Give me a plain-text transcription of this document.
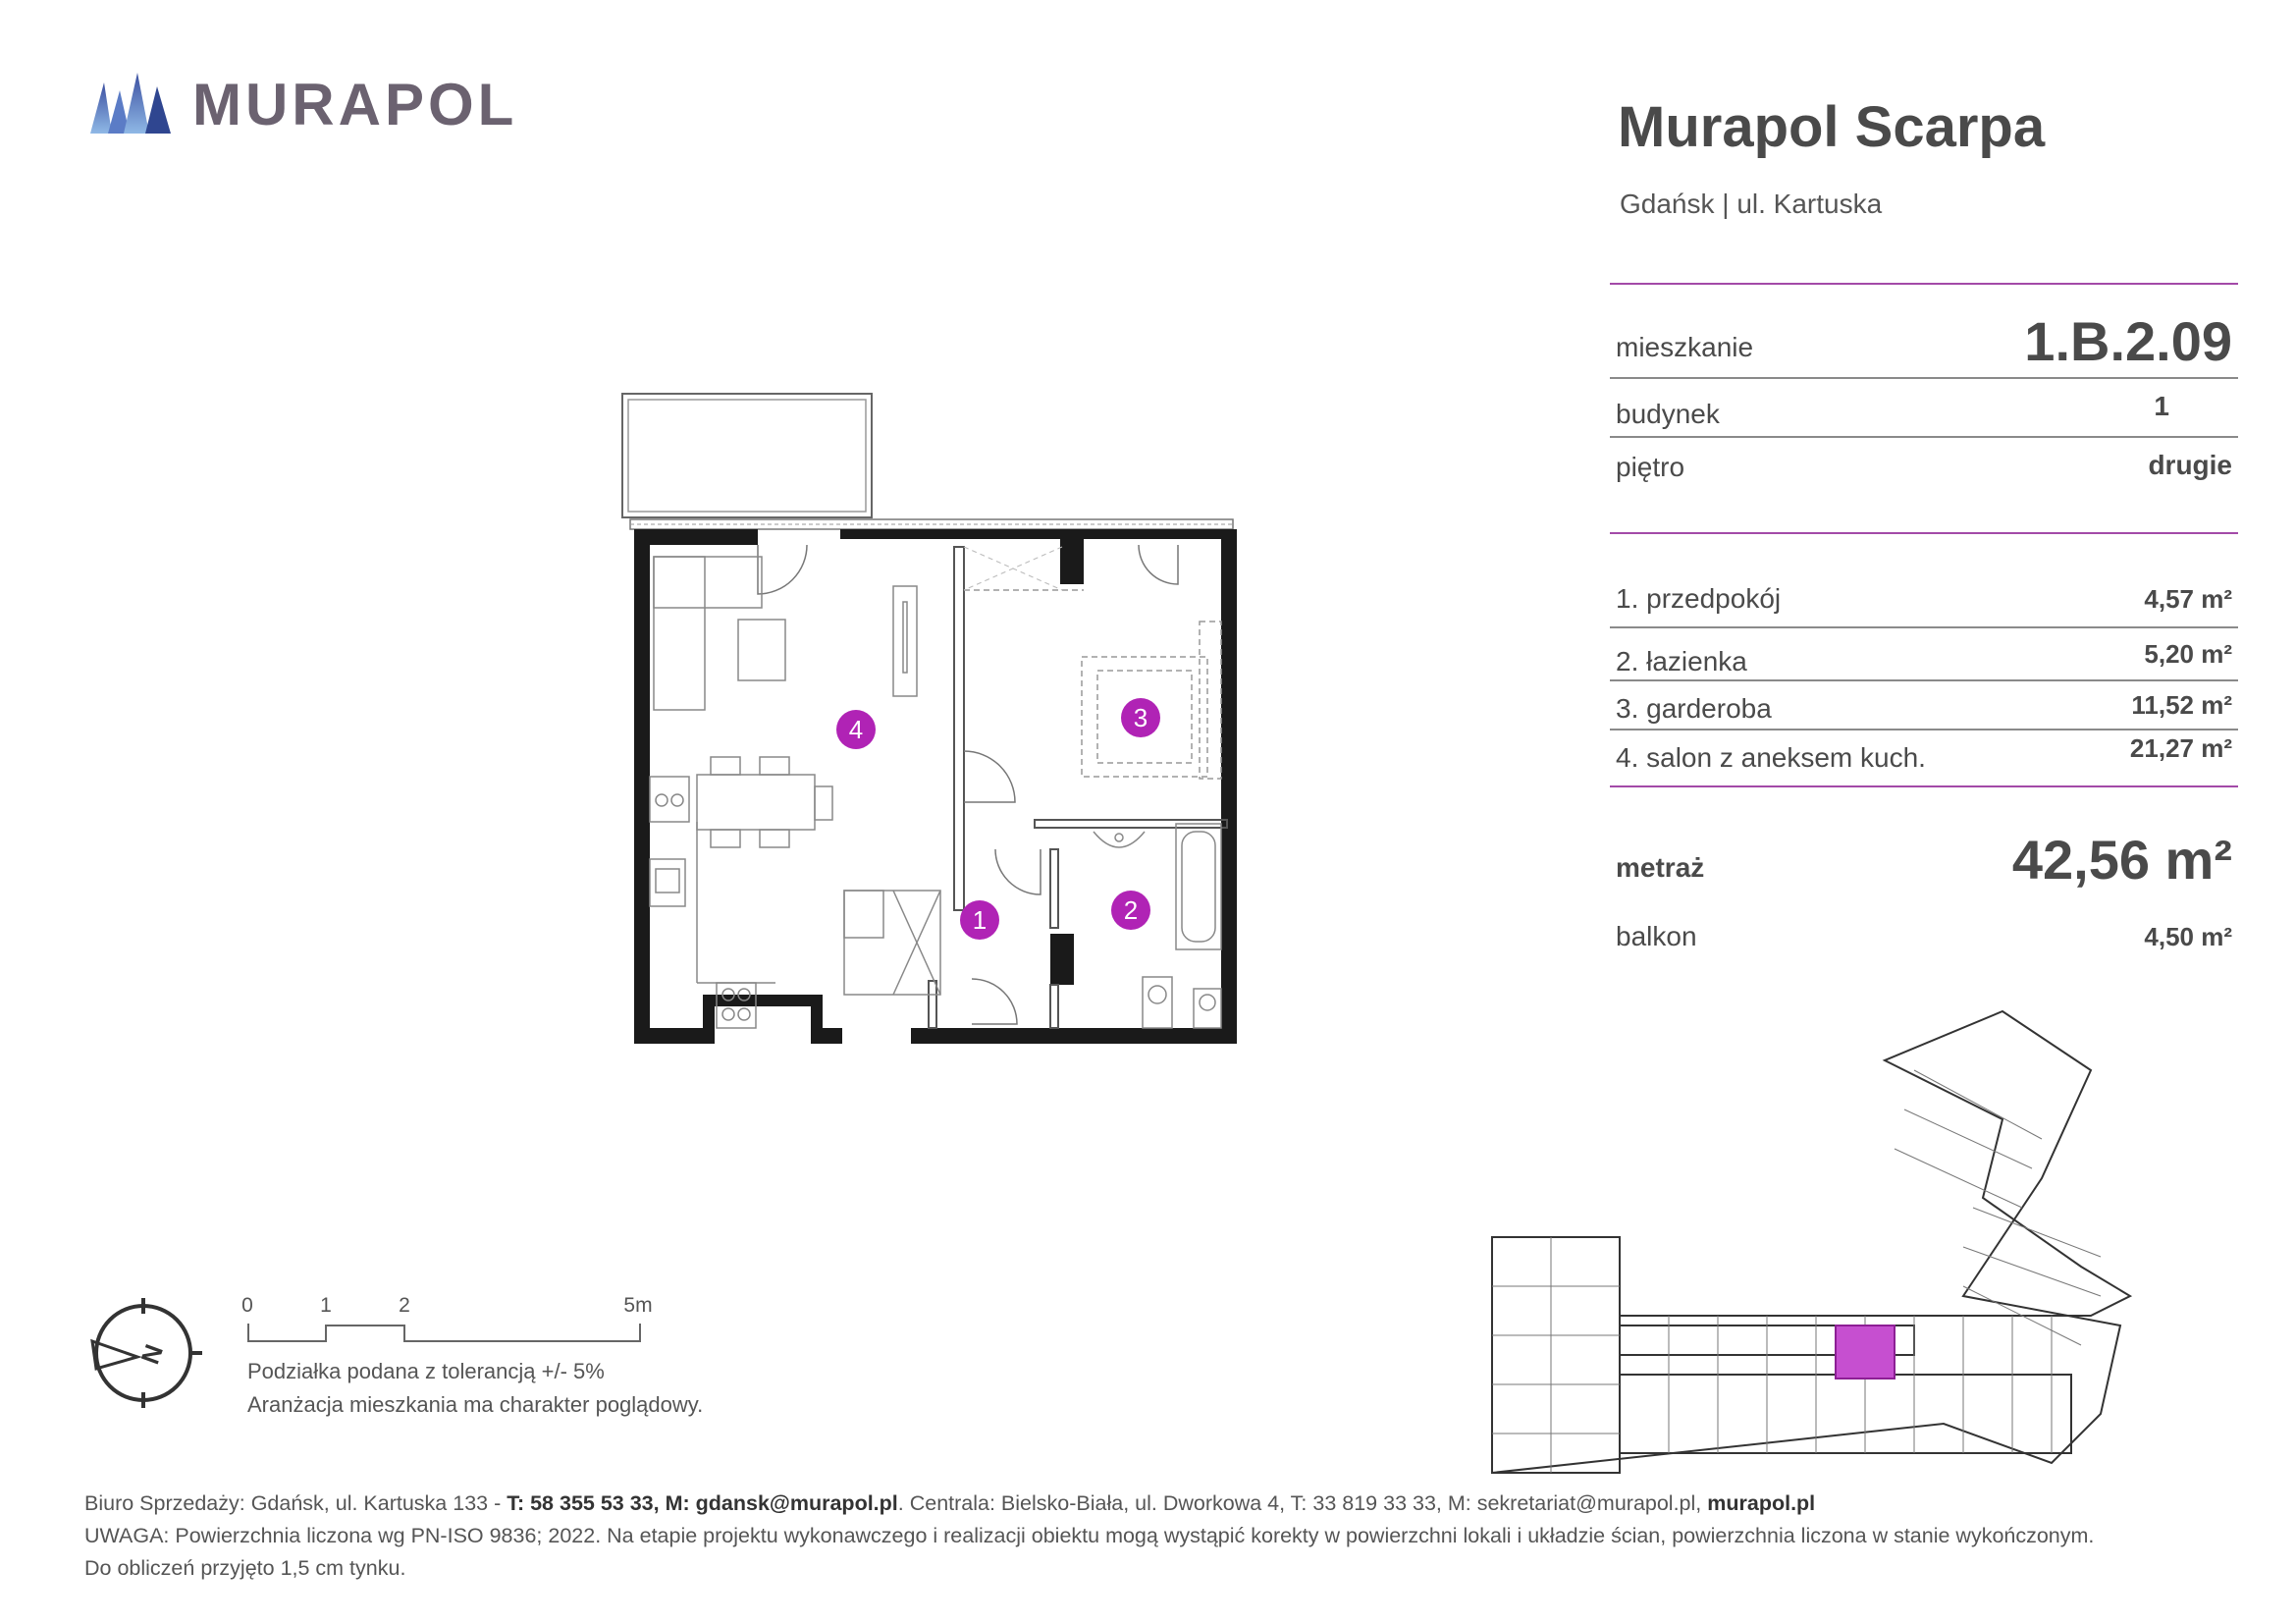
MURAPOL	Murapol Scarpa
Gdańsk | ul. Kartuska
mieszkanie	1.B.2.09
budynek	1
piętro	drugie
1. przedpokój	4,57 m²
2. łazienka	5,20 m²
3. garderoba	11,52 m²
4. salon z aneksem kuch.	21,27 m²
metraż	42,56 m²
balkon	4,50 m²
4	3
1	2
N
0	1	2	5m
Podziałka podana z tolerancją +/- 5%
Aranżacja mieszkania ma charakter poglądowy.
Biuro Sprzedaży: Gdańsk, ul. Kartuska 133 - T: 58 355 53 33, M: gdansk@murapol.pl. Centrala: Bielsko-Biała, ul. Dworkowa 4, T: 33 819 33 33, M: sekretariat@murapol.pl, murapol.pl
UWAGA: Powierzchnia liczona wg PN-ISO 9836; 2022. Na etapie projektu wykonawczego i realizacji obiektu mogą wystąpić korekty w powierzchni lokali i układzie ścian, powierzchnia liczona w stanie wykończonym.
Do obliczeń przyjęto 1,5 cm tynku.
